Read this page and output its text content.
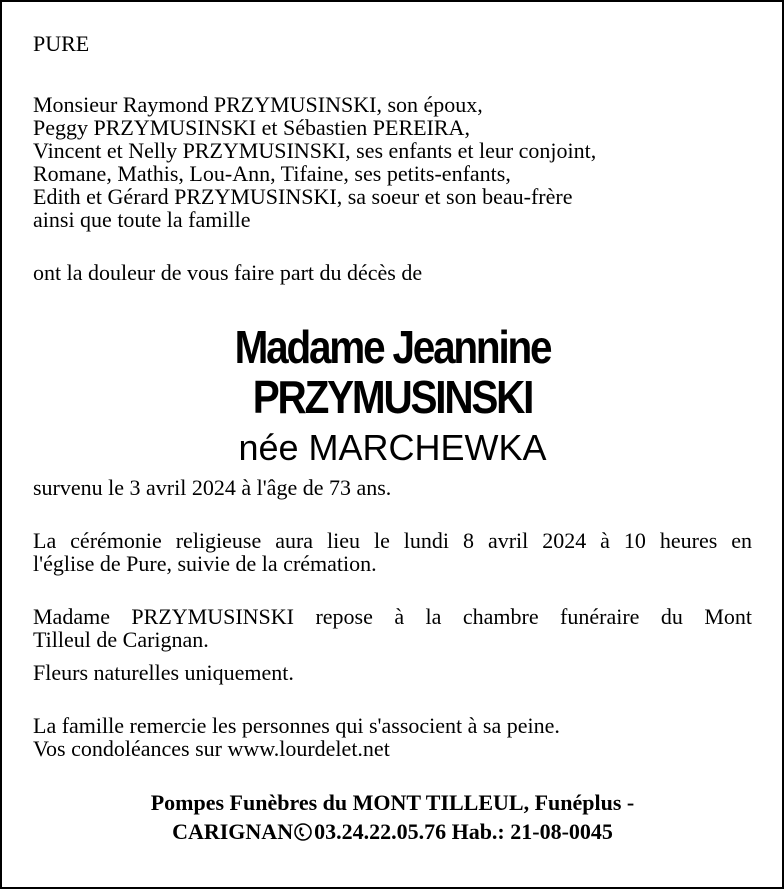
PURE
Monsieur Raymond PRZYMUSINSKI, son époux,
Peggy PRZYMUSINSKI et Sébastien PEREIRA,
Vincent et Nelly PRZYMUSINSKI, ses enfants et leur conjoint,
Romane, Mathis, Lou-Ann, Tifaine, ses petits-enfants,
Edith et Gérard PRZYMUSINSKI, sa soeur et son beau-frère
ainsi que toute la famille
ont la douleur de vous faire part du décès de
Madame Jeannine
PRZYMUSINSKI
née MARCHEWKA
survenu le 3 avril 2024 à l'âge de 73 ans.
La cérémonie religieuse aura lieu le lundi 8 avril 2024 à 10 heures en
l'église de Pure, suivie de la crémation.
Madame PRZYMUSINSKI repose à la chambre funéraire du Mont
Tilleul de Carignan.
Fleurs naturelles uniquement.
La famille remercie les personnes qui s'associent à sa peine.
Vos condoléances sur www.lourdelet.net
Pompes Funèbres du MONT TILLEUL, Funéplus -
CARIGNAN 03.24.22.05.76 Hab.: 21-08-0045
